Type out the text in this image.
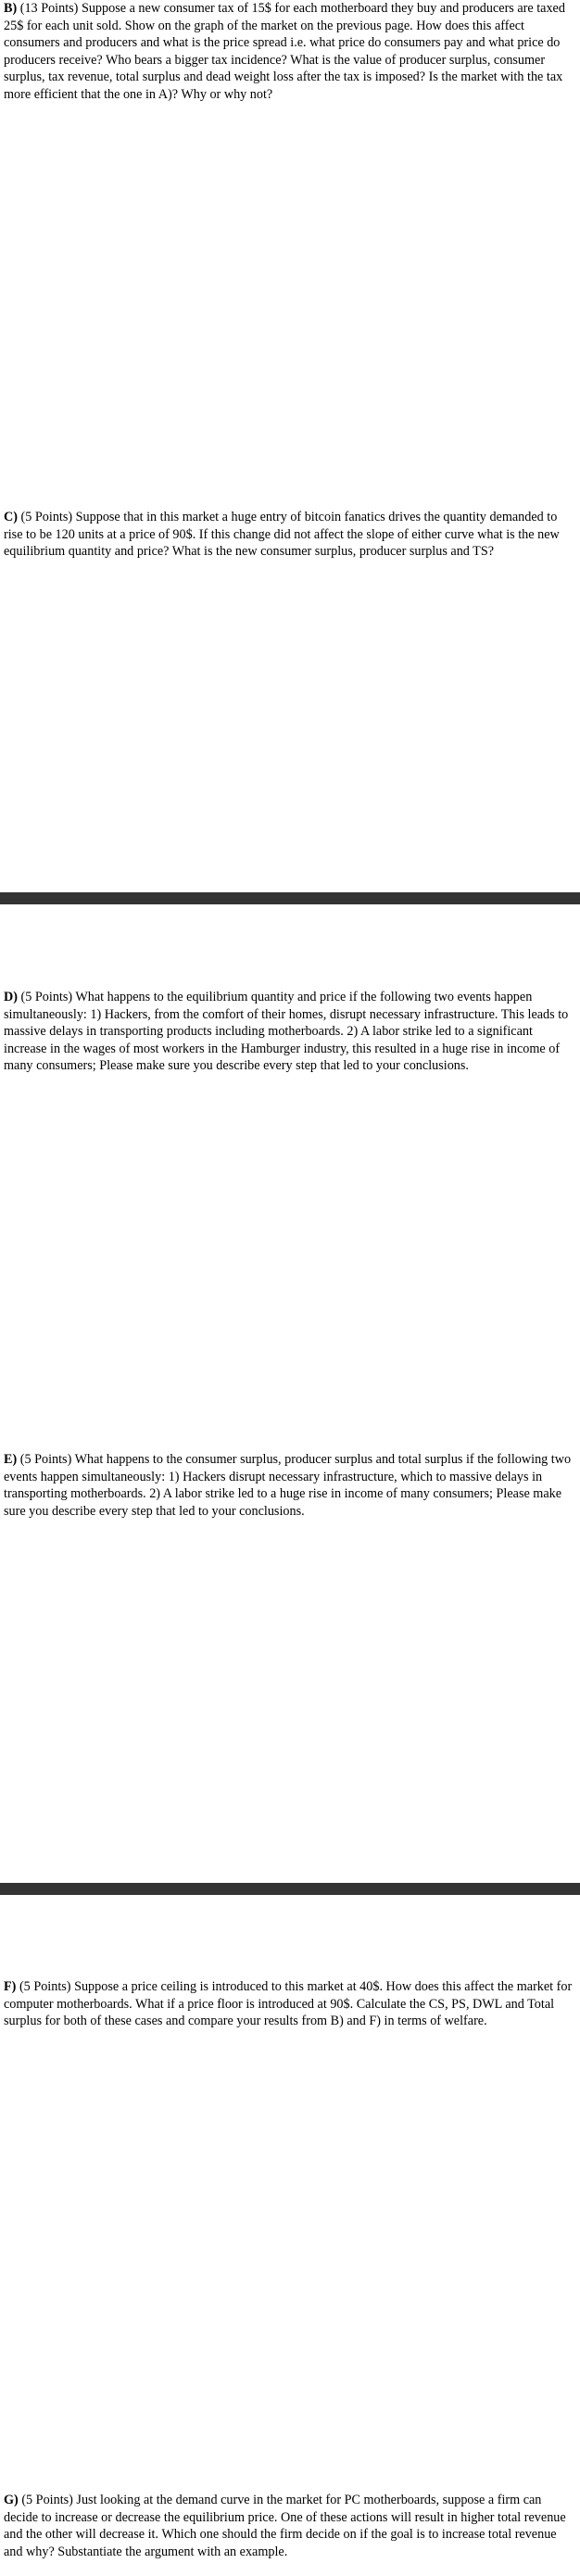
B) (13 Points) Suppose a new consumer tax of 15$ for each motherboard they buy and producers are taxed 25$ for each unit sold. Show on the graph of the market on the previous page. How does this affect consumers and producers and what is the price spread i.e. what price do consumers pay and what price do producers receive? Who bears a bigger tax incidence? What is the value of producer surplus, consumer surplus, tax revenue, total surplus and dead weight loss after the tax is imposed? Is the market with the tax more efficient that the one in A)? Why or why not?

C) (5 Points) Suppose that in this market a huge entry of bitcoin fanatics drives the quantity demanded to rise to be 120 units at a price of 90$. If this change did not affect the slope of either curve what is the new equilibrium quantity and price? What is the new consumer surplus, producer surplus and TS?

D) (5 Points) What happens to the equilibrium quantity and price if the following two events happen simultaneously: 1) Hackers, from the comfort of their homes, disrupt necessary infrastructure. This leads to massive delays in transporting products including motherboards. 2) A labor strike led to a significant increase in the wages of most workers in the Hamburger industry, this resulted in a huge rise in income of many consumers; Please make sure you describe every step that led to your conclusions.

E) (5 Points) What happens to the consumer surplus, producer surplus and total surplus if the following two events happen simultaneously: 1) Hackers disrupt necessary infrastructure, which to massive delays in transporting motherboards. 2) A labor strike led to a huge rise in income of many consumers; Please make sure you describe every step that led to your conclusions.

F) (5 Points) Suppose a price ceiling is introduced to this market at 40$. How does this affect the market for computer motherboards. What if a price floor is introduced at 90$. Calculate the CS, PS, DWL and Total surplus for both of these cases and compare your results from B) and F) in terms of welfare.

G) (5 Points) Just looking at the demand curve in the market for PC motherboards, suppose a firm can decide to increase or decrease the equilibrium price. One of these actions will result in higher total revenue and the other will decrease it. Which one should the firm decide on if the goal is to increase total revenue and why? Substantiate the argument with an example.
